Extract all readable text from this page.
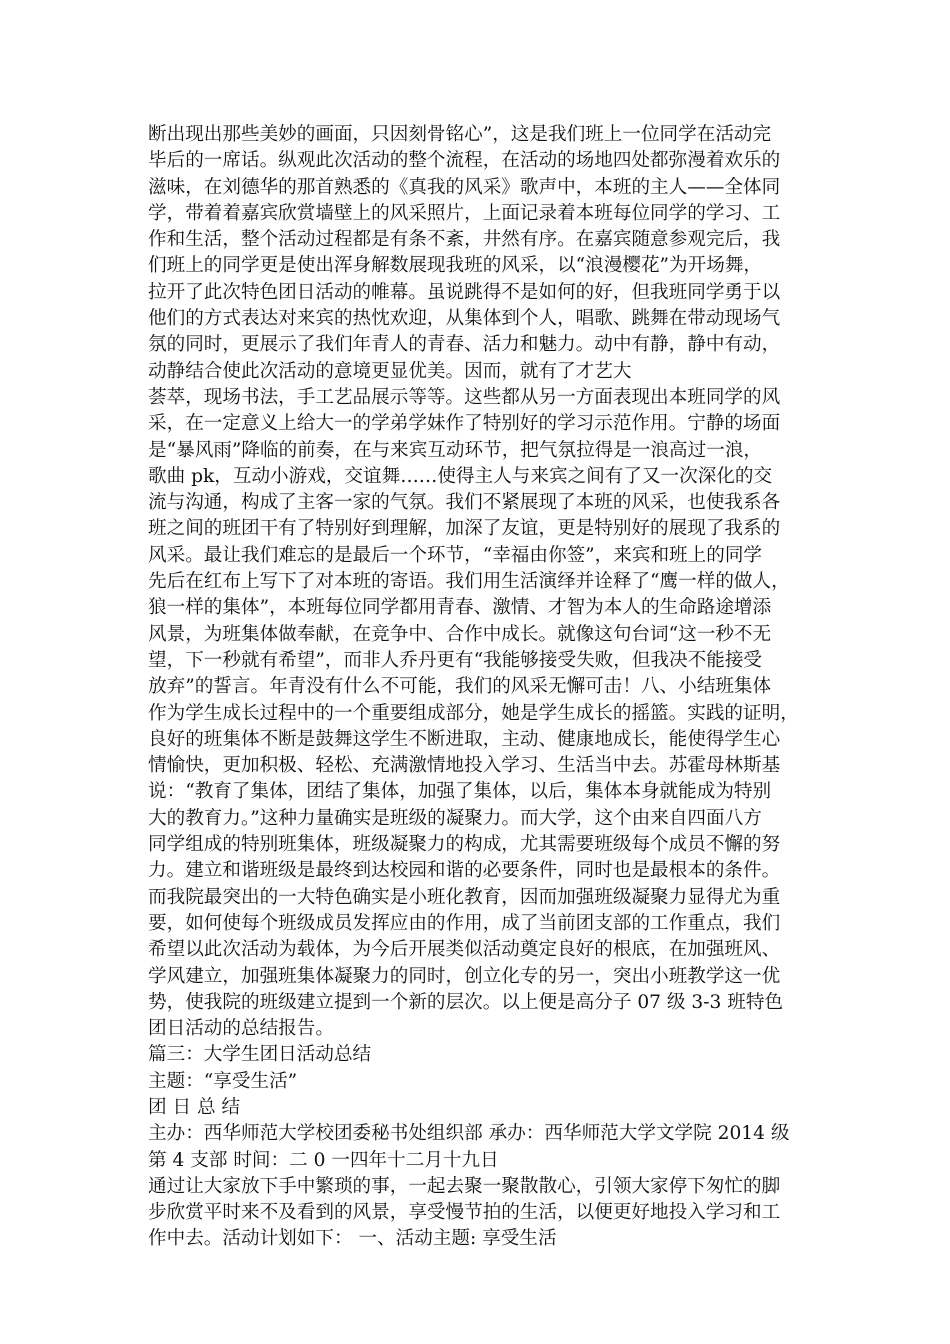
断出现出那些美妙的画面，只因刻骨铭心”，这是我们班上一位同学在活动完
毕后的一席话。纵观此次活动的整个流程，在活动的场地四处都弥漫着欢乐的
滋味，在刘德华的那首熟悉的《真我的风采》歌声中，本班的主人——全体同
学，带着着嘉宾欣赏墙壁上的风采照片，上面记录着本班每位同学的学习、工
作和生活，整个活动过程都是有条不紊，井然有序。在嘉宾随意参观完后，我
们班上的同学更是使出浑身解数展现我班的风采，以“浪漫樱花”为开场舞，
拉开了此次特色团日活动的帷幕。虽说跳得不是如何的好，但我班同学勇于以
他们的方式表达对来宾的热忱欢迎，从集体到个人，唱歌、跳舞在带动现场气
氛的同时，更展示了我们年青人的青春、活力和魅力。动中有静，静中有动，
动静结合使此次活动的意境更显优美。因而，就有了才艺大
荟萃，现场书法，手工艺品展示等等。这些都从另一方面表现出本班同学的风
采，在一定意义上给大一的学弟学妹作了特别好的学习示范作用。宁静的场面
是“暴风雨”降临的前奏，在与来宾互动环节，把气氛拉得是一浪高过一浪，
歌曲 pk，互动小游戏，交谊舞……使得主人与来宾之间有了又一次深化的交
流与沟通，构成了主客一家的气氛。我们不紧展现了本班的风采，也使我系各
班之间的班团干有了特别好到理解，加深了友谊，更是特别好的展现了我系的
风采。最让我们难忘的是最后一个环节，“幸福由你签”，来宾和班上的同学
先后在红布上写下了对本班的寄语。我们用生活演绎并诠释了“鹰一样的做人，
狼一样的集体”，本班每位同学都用青春、激情、才智为本人的生命路途增添
风景，为班集体做奉献，在竞争中、合作中成长。就像这句台词“这一秒不无
望，下一秒就有希望”，而非人乔丹更有“我能够接受失败，但我决不能接受
放弃”的誓言。年青没有什么不可能，我们的风采无懈可击！八、小结班集体
作为学生成长过程中的一个重要组成部分，她是学生成长的摇篮。实践的证明，
良好的班集体不断是鼓舞这学生不断进取，主动、健康地成长，能使得学生心
情愉快，更加积极、轻松、充满激情地投入学习、生活当中去。苏霍母林斯基
说：“教育了集体，团结了集体，加强了集体，以后，集体本身就能成为特别
大的教育力。”这种力量确实是班级的凝聚力。而大学，这个由来自四面八方
同学组成的特别班集体，班级凝聚力的构成，尤其需要班级每个成员不懈的努
力。建立和谐班级是最终到达校园和谐的必要条件，同时也是最根本的条件。
而我院最突出的一大特色确实是小班化教育，因而加强班级凝聚力显得尤为重
要，如何使每个班级成员发挥应由的作用，成了当前团支部的工作重点，我们
希望以此次活动为载体，为今后开展类似活动奠定良好的根底，在加强班风、
学风建立，加强班集体凝聚力的同时，创立化专的另一，突出小班教学这一优
势，使我院的班级建立提到一个新的层次。以上便是高分子 07 级 3-3 班特色
团日活动的总结报告。
篇三：大学生团日活动总结
主题：“享受生活”
团 日 总 结
主办：西华师范大学校团委秘书处组织部 承办：西华师范大学文学院 2014 级
第 4 支部 时间：二 0 一四年十二月十九日
通过让大家放下手中繁琐的事，一起去聚一聚散散心，引领大家停下匆忙的脚
步欣赏平时来不及看到的风景，享受慢节拍的生活，以便更好地投入学习和工
作中去。活动计划如下： 一、活动主题: 享受生活
